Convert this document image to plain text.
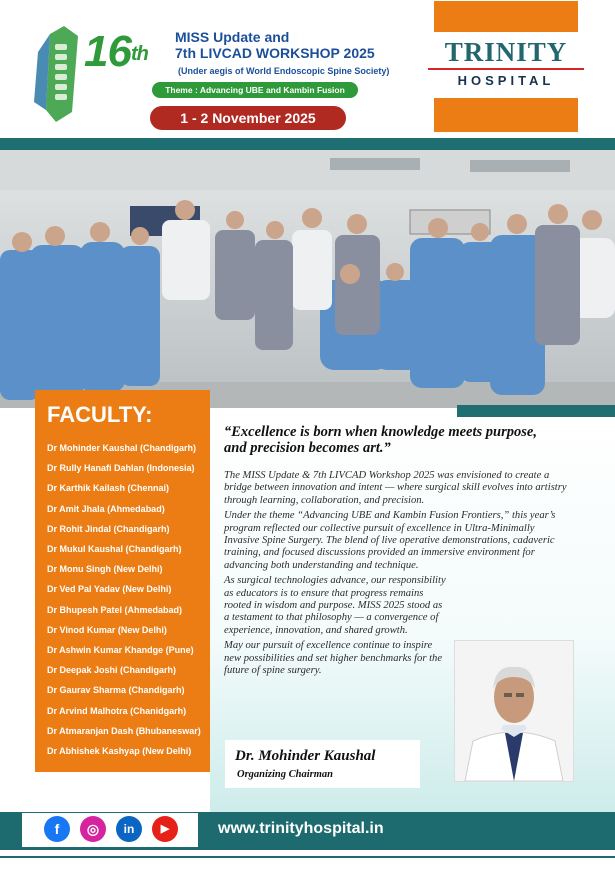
16th
MISS Update and
7th LIVCAD WORKSHOP 2025
(Under aegis of World Endoscopic Spine Society)
Theme : Advancing UBE and Kambin Fusion
1 - 2 November 2025
TRINITY
HOSPITAL
FACULTY:
Dr Mohinder Kaushal (Chandigarh)
Dr Rully Hanafi Dahlan (Indonesia)
Dr Karthik Kailash (Chennai)
Dr Amit Jhala (Ahmedabad)
Dr Rohit Jindal (Chandigarh)
Dr Mukul Kaushal (Chandigarh)
Dr Monu Singh (New Delhi)
Dr Ved Pal Yadav (New Delhi)
Dr Bhupesh Patel (Ahmedabad)
Dr Vinod Kumar (New Delhi)
Dr Ashwin Kumar Khandge (Pune)
Dr Deepak Joshi (Chandigarh)
Dr Gaurav Sharma (Chandigarh)
Dr Arvind Malhotra (Chanidgarh)
Dr Atmaranjan Dash (Bhubaneswar)
Dr Abhishek Kashyap (New Delhi)
“Excellence is born when knowledge meets purpose, and precision becomes art.”

The MISS Update & 7th LIVCAD Workshop 2025 was envisioned to create a bridge between innovation and intent — where surgical skill evolves into artistry through learning, collaboration, and precision.

Under the theme “Advancing UBE and Kambin Fusion Frontiers,” this year’s program reflected our collective pursuit of excellence in Ultra-Minimally Invasive Spine Surgery. The blend of live operative demonstrations, cadaveric training, and focused discussions provided an immersive environment for advancing both understanding and technique.

As surgical technologies advance, our responsibility as educators is to ensure that progress remains rooted in wisdom and purpose. MISS 2025 stood as a testament to that philosophy — a convergence of experience, innovation, and shared growth.

May our pursuit of excellence continue to inspire new possibilities and set higher benchmarks for the future of spine surgery.

Dr. Mohinder Kaushal
Organizing Chairman
f	◎	in	▶	www.trinityhospital.in
